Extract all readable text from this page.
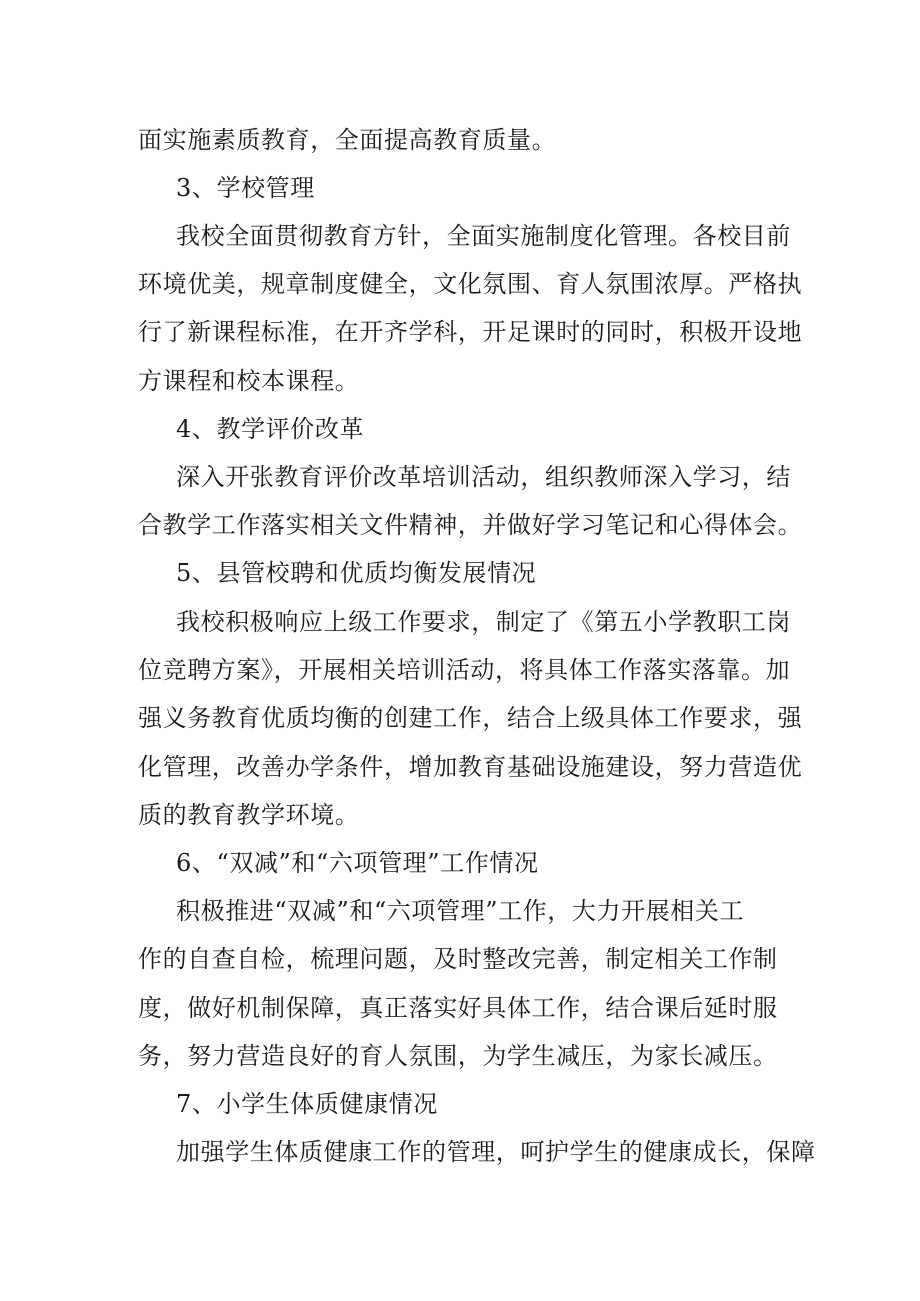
面实施素质教育，全面提高教育质量。
3、学校管理
我校全面贯彻教育方针，全面实施制度化管理。各校目前
环境优美，规章制度健全，文化氛围、育人氛围浓厚。严格执
行了新课程标准，在开齐学科，开足课时的同时，积极开设地
方课程和校本课程。
4、教学评价改革
深入开张教育评价改革培训活动，组织教师深入学习，结
合教学工作落实相关文件精神，并做好学习笔记和心得体会。
5、县管校聘和优质均衡发展情况
我校积极响应上级工作要求，制定了《第五小学教职工岗
位竞聘方案》，开展相关培训活动，将具体工作落实落靠。加
强义务教育优质均衡的创建工作，结合上级具体工作要求，强
化管理，改善办学条件，增加教育基础设施建设，努力营造优
质的教育教学环境。
6、“双减”和“六项管理”工作情况
积极推进“双减”和“六项管理”工作，大力开展相关工
作的自查自检，梳理问题，及时整改完善，制定相关工作制
度，做好机制保障，真正落实好具体工作，结合课后延时服
务，努力营造良好的育人氛围，为学生减压，为家长减压。
7、小学生体质健康情况
加强学生体质健康工作的管理，呵护学生的健康成长，保障
